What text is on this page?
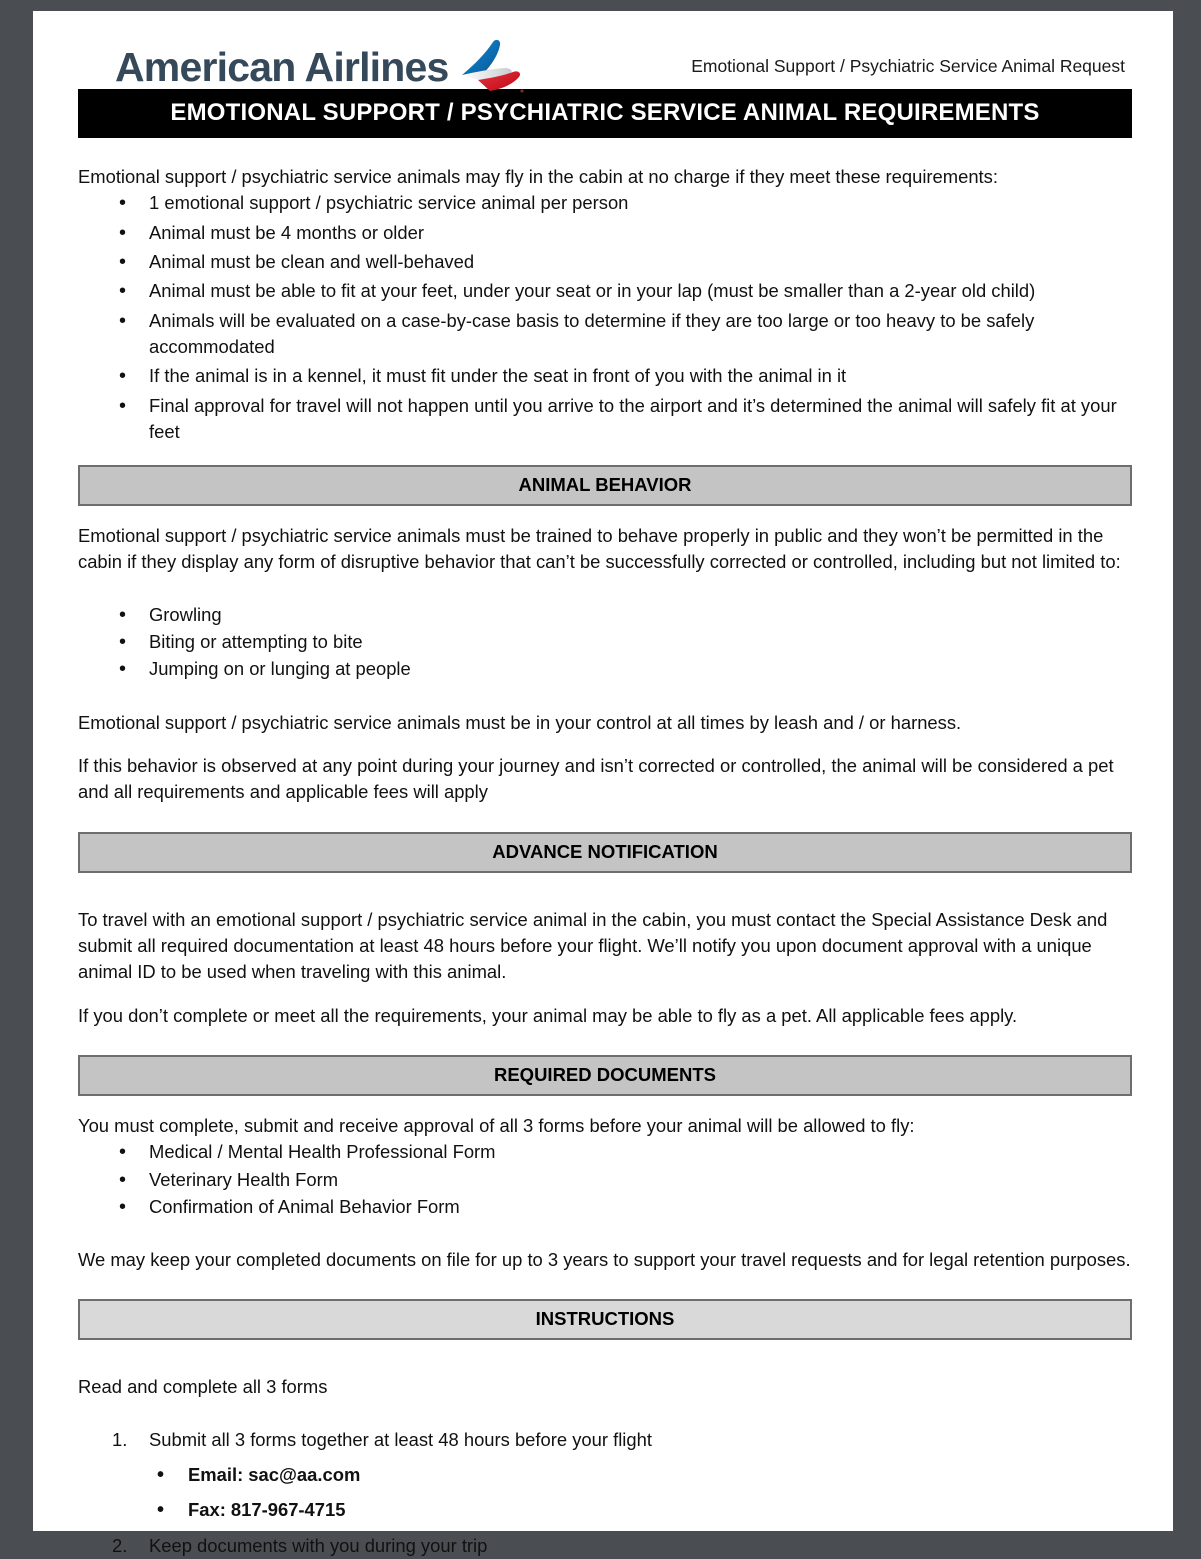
American Airlines	Emotional Support / Psychiatric Service Animal Request
EMOTIONAL SUPPORT / PSYCHIATRIC SERVICE ANIMAL REQUIREMENTS

Emotional support / psychiatric service animals may fly in the cabin at no charge if they meet these requirements:

• 1 emotional support / psychiatric service animal per person
• Animal must be 4 months or older
• Animal must be clean and well-behaved
• Animal must be able to fit at your feet, under your seat or in your lap (must be smaller than a 2-year old child)
• Animals will be evaluated on a case-by-case basis to determine if they are too large or too heavy to be safely accommodated
• If the animal is in a kennel, it must fit under the seat in front of you with the animal in it
• Final approval for travel will not happen until you arrive to the airport and it’s determined the animal will safely fit at your feet
ANIMAL BEHAVIOR

Emotional support / psychiatric service animals must be trained to behave properly in public and they won’t be permitted in the cabin if they display any form of disruptive behavior that can’t be successfully corrected or controlled, including but not limited to:

• Growling
• Biting or attempting to bite
• Jumping on or lunging at people

Emotional support / psychiatric service animals must be in your control at all times by leash and / or harness.

If this behavior is observed at any point during your journey and isn’t corrected or controlled, the animal will be considered a pet and all requirements and applicable fees will apply

ADVANCE NOTIFICATION

To travel with an emotional support / psychiatric service animal in the cabin, you must contact the Special Assistance Desk and submit all required documentation at least 48 hours before your flight. We’ll notify you upon document approval with a unique animal ID to be used when traveling with this animal.

If you don’t complete or meet all the requirements, your animal may be able to fly as a pet. All applicable fees apply.

REQUIRED DOCUMENTS

You must complete, submit and receive approval of all 3 forms before your animal will be allowed to fly:

• Medical / Mental Health Professional Form
• Veterinary Health Form
• Confirmation of Animal Behavior Form

We may keep your completed documents on file for up to 3 years to support your travel requests and for legal retention purposes.

INSTRUCTIONS

Read and complete all 3 forms

Submit all 3 forms together at least 48 hours before your flight
• Email: sac@aa.com
• Fax: 817-967-4715
Keep documents with you during your trip
